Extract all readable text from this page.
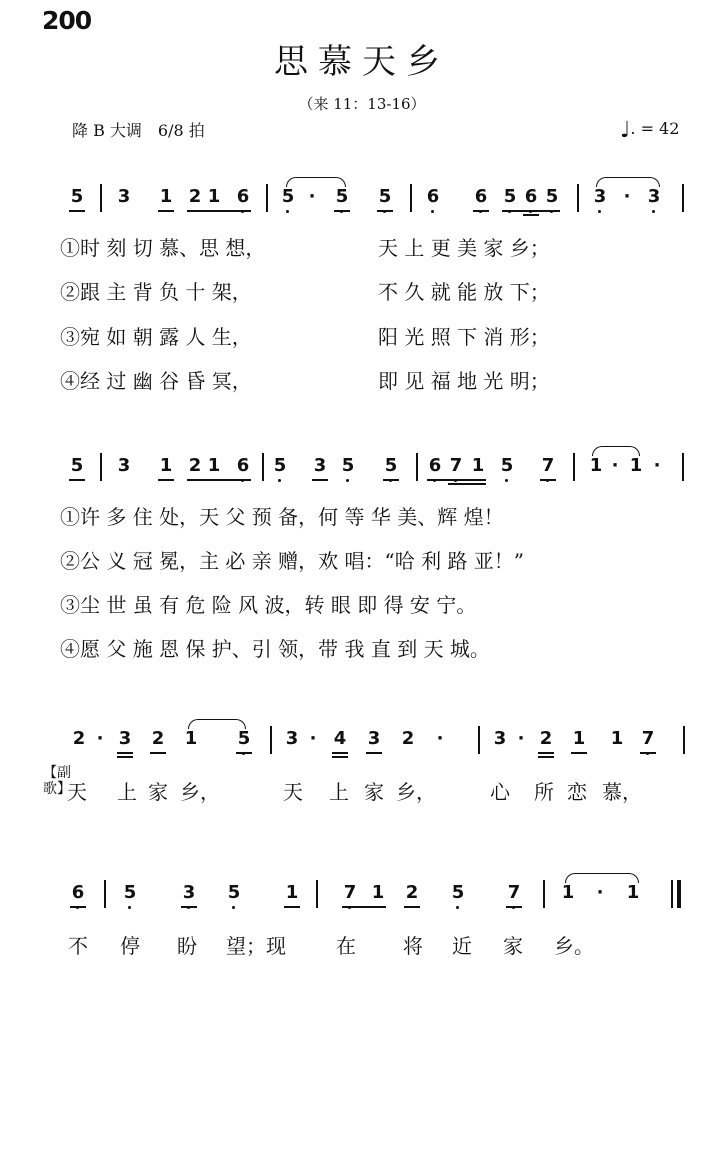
200
思慕天乡
（来 11：13-16）
降 B 大调　6/8 拍	♩. = 42
5 3 1 2 1 6 5 ·	5 5 6 6 5 6 5 3 · 3
①时 刻 切 慕、思 想，	天 上 更 美 家 乡；
②跟 主 背 负 十 架，	不 久 就 能 放 下；
③宛 如 朝 露 人 生，	阳 光 照 下 消 形；
④经 过 幽 谷 昏 冥，	即 见 福 地 光 明；
5 3 1 2 1 6 5 3 5 5 6 7 1 5 7 1 · 1 ·
①许 多 住 处，天 父 预 备，何 等 华 美、辉 煌！
②公 义 冠 冕，主 必 亲 赠，欢 唱：“哈 利 路 亚！”
③尘 世 虽 有 危 险 风 波，转 眼 即 得 安 宁。
④愿 父 施 恩 保 护、引 领，带 我 直 到 天 城。
2 · 3 2 1 5 3 · 4 3 2	·	3 · 2 1 1 7
【副歌】

天

上

家

乡，

	天

上

家

乡，

	心

所

恋

慕，

6 5	3 5	1	7 1 2 5 7 1	·	1

不

停

盼

望；现

	在

将

近

家

乡。
